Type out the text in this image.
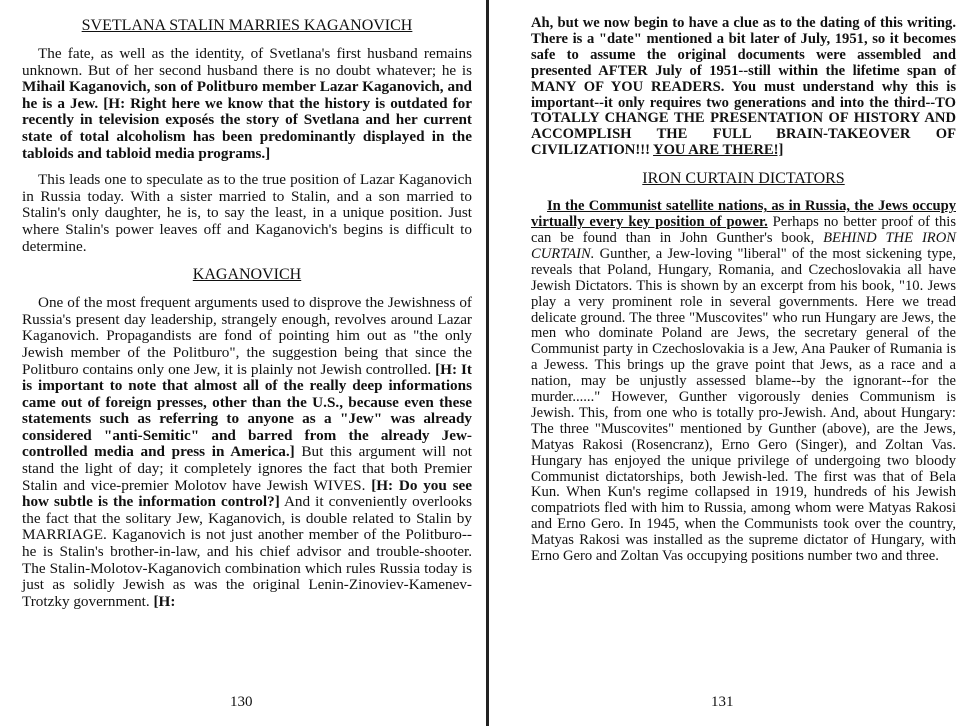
SVETLANA STALIN MARRIES KAGANOVICH

The fate, as well as the identity, of Svetlana's first husband remains unknown. But of her second husband there is no doubt whatever; he is Mihail Kaganovich, son of Politburo member Lazar Kaganovich, and he is a Jew. [H: Right here we know that the history is outdated for recently in television exposés the story of Svetlana and her current state of total alcoholism has been predominantly displayed in the tabloids and tabloid media programs.]

This leads one to speculate as to the true position of Lazar Kaganovich in Russia today. With a sister married to Stalin, and a son married to Stalin's only daughter, he is, to say the least, in a unique position. Just where Stalin's power leaves off and Kaganovich's begins is difficult to determine.

KAGANOVICH

One of the most frequent arguments used to disprove the Jewishness of Russia's present day leadership, strangely enough, revolves around Lazar Kaganovich. Propagandists are fond of pointing him out as "the only Jewish member of the Politburo", the suggestion being that since the Politburo contains only one Jew, it is plainly not Jewish controlled. [H: It is important to note that almost all of the really deep informations came out of foreign presses, other than the U.S., because even these statements such as referring to anyone as a "Jew" was already considered "anti-Semitic" and barred from the already Jew-controlled media and press in America.] But this argument will not stand the light of day; it completely ignores the fact that both Premier Stalin and vice-premier Molotov have Jewish WIVES. [H: Do you see how subtle is the information control?] And it conveniently overlooks the fact that the solitary Jew, Kaganovich, is double related to Stalin by MARRIAGE. Kaganovich is not just another member of the Politburo--he is Stalin's brother-in-law, and his chief advisor and trouble-shooter. The Stalin-Molotov-Kaganovich combination which rules Russia today is just as solidly Jewish as was the original Lenin-Zinoviev-Kamenev-Trotzky government. [H:

130

Ah, but we now begin to have a clue as to the dating of this writing. There is a "date" mentioned a bit later of July, 1951, so it becomes safe to assume the original documents were assembled and presented AFTER July of 1951--still within the lifetime span of MANY OF YOU READERS. You must understand why this is important--it only requires two generations and into the third--TO TOTALLY CHANGE THE PRESENTATION OF HISTORY AND ACCOMPLISH THE FULL BRAIN-TAKEOVER OF CIVILIZATION!!! YOU ARE THERE!]

IRON CURTAIN DICTATORS

In the Communist satellite nations, as in Russia, the Jews occupy virtually every key position of power. Perhaps no better proof of this can be found than in John Gunther's book, BEHIND THE IRON CURTAIN. Gunther, a Jew-loving "liberal" of the most sickening type, reveals that Poland, Hungary, Romania, and Czechoslovakia all have Jewish Dictators. This is shown by an excerpt from his book, "10. Jews play a very prominent role in several governments. Here we tread delicate ground. The three "Muscovites" who run Hungary are Jews, the men who dominate Poland are Jews, the secretary general of the Communist party in Czechoslovakia is a Jew, Ana Pauker of Rumania is a Jewess. This brings up the grave point that Jews, as a race and a nation, may be unjustly assessed blame--by the ignorant--for the murder......" However, Gunther vigorously denies Communism is Jewish. This, from one who is totally pro-Jewish. And, about Hungary: The three "Muscovites" mentioned by Gunther (above), are the Jews, Matyas Rakosi (Rosencranz), Erno Gero (Singer), and Zoltan Vas. Hungary has enjoyed the unique privilege of undergoing two bloody Communist dictatorships, both Jewish-led. The first was that of Bela Kun. When Kun's regime collapsed in 1919, hundreds of his Jewish compatriots fled with him to Russia, among whom were Matyas Rakosi and Erno Gero. In 1945, when the Communists took over the country, Matyas Rakosi was installed as the supreme dictator of Hungary, with Erno Gero and Zoltan Vas occupying positions number two and three.

131
